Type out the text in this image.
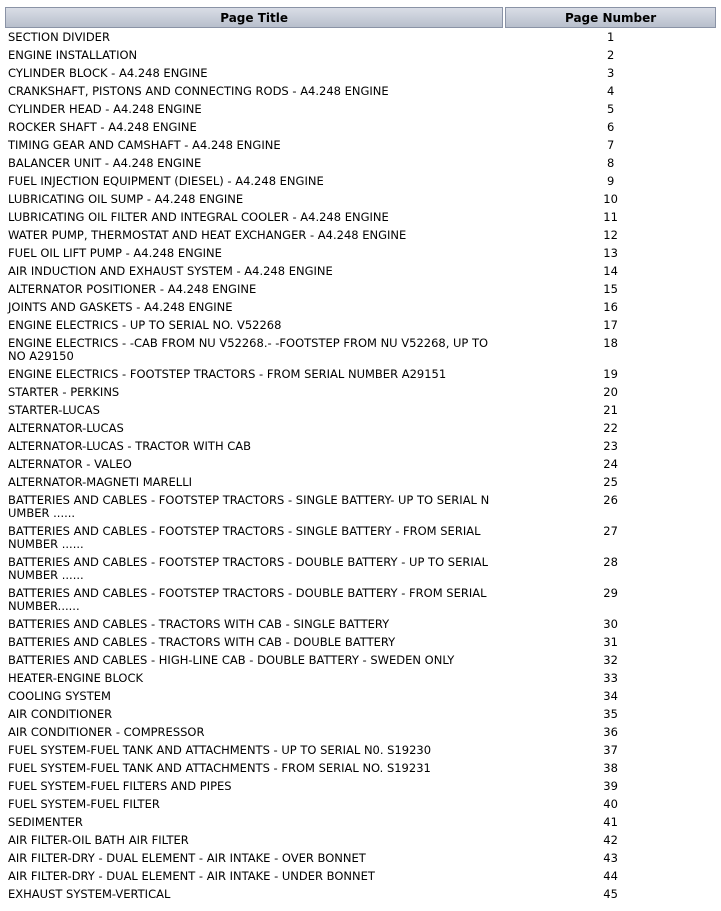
Page Title	Page Number
SECTION DIVIDER	1
ENGINE INSTALLATION	2
CYLINDER BLOCK - A4.248 ENGINE	3
CRANKSHAFT, PISTONS AND CONNECTING RODS - A4.248 ENGINE	4
CYLINDER HEAD - A4.248 ENGINE	5
ROCKER SHAFT - A4.248 ENGINE	6
TIMING GEAR AND CAMSHAFT - A4.248 ENGINE	7
BALANCER UNIT - A4.248 ENGINE	8
FUEL INJECTION EQUIPMENT (DIESEL) - A4.248 ENGINE	9
LUBRICATING OIL SUMP - A4.248 ENGINE	10
LUBRICATING OIL FILTER AND INTEGRAL COOLER - A4.248 ENGINE	11
WATER PUMP, THERMOSTAT AND HEAT EXCHANGER - A4.248 ENGINE	12
FUEL OIL LIFT PUMP - A4.248 ENGINE	13
AIR INDUCTION AND EXHAUST SYSTEM - A4.248 ENGINE	14
ALTERNATOR POSITIONER - A4.248 ENGINE	15
JOINTS AND GASKETS - A4.248 ENGINE	16
ENGINE ELECTRICS - UP TO SERIAL NO. V52268	17
ENGINE ELECTRICS - -CAB FROM NU V52268.- -FOOTSTEP FROM NU V52268, UP TO NO A29150	18
ENGINE ELECTRICS - FOOTSTEP TRACTORS - FROM SERIAL NUMBER A29151	19
STARTER - PERKINS	20
STARTER-LUCAS	21
ALTERNATOR-LUCAS	22
ALTERNATOR-LUCAS - TRACTOR WITH CAB	23
ALTERNATOR - VALEO	24
ALTERNATOR-MAGNETI MARELLI	25
BATTERIES AND CABLES - FOOTSTEP TRACTORS - SINGLE BATTERY- UP TO SERIAL N UMBER ......	26
BATTERIES AND CABLES - FOOTSTEP TRACTORS - SINGLE BATTERY - FROM SERIAL NUMBER ......	27
BATTERIES AND CABLES - FOOTSTEP TRACTORS - DOUBLE BATTERY - UP TO SERIAL NUMBER ......	28
BATTERIES AND CABLES - FOOTSTEP TRACTORS - DOUBLE BATTERY - FROM SERIAL NUMBER......	29
BATTERIES AND CABLES - TRACTORS WITH CAB - SINGLE BATTERY	30
BATTERIES AND CABLES - TRACTORS WITH CAB - DOUBLE BATTERY	31
BATTERIES AND CABLES - HIGH-LINE CAB - DOUBLE BATTERY - SWEDEN ONLY	32
HEATER-ENGINE BLOCK	33
COOLING SYSTEM	34
AIR CONDITIONER	35
AIR CONDITIONER - COMPRESSOR	36
FUEL SYSTEM-FUEL TANK AND ATTACHMENTS - UP TO SERIAL N0. S19230	37
FUEL SYSTEM-FUEL TANK AND ATTACHMENTS - FROM SERIAL NO. S19231	38
FUEL SYSTEM-FUEL FILTERS AND PIPES	39
FUEL SYSTEM-FUEL FILTER	40
SEDIMENTER	41
AIR FILTER-OIL BATH AIR FILTER	42
AIR FILTER-DRY - DUAL ELEMENT - AIR INTAKE - OVER BONNET	43
AIR FILTER-DRY - DUAL ELEMENT - AIR INTAKE - UNDER BONNET	44
EXHAUST SYSTEM-VERTICAL	45
